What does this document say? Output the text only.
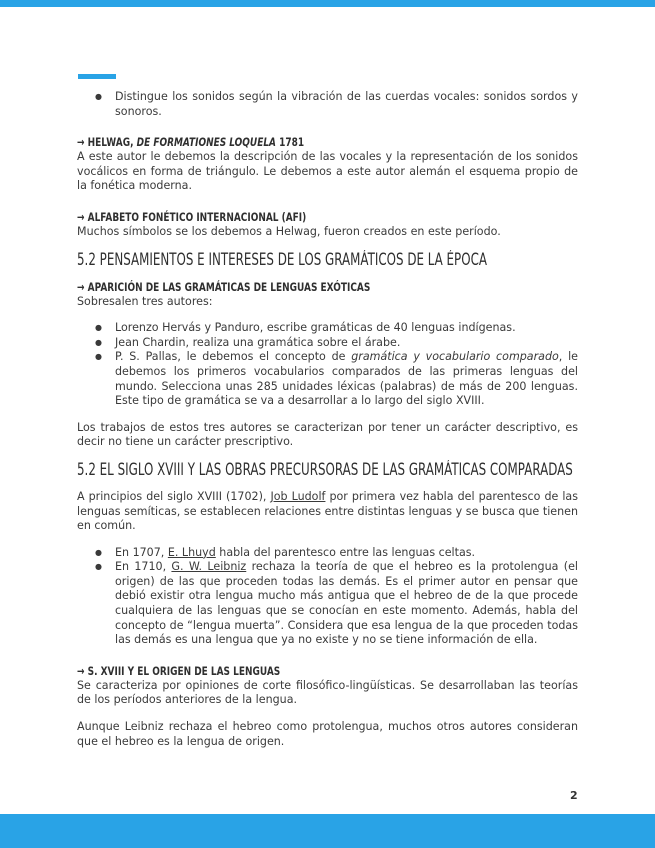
● Distingue los sonidos según la vibración de las cuerdas vocales: sonidos sordos y sonoros.
→ HELWAG, DE FORMATIONES LOQUELA 1781

A este autor le debemos la descripción de las vocales y la representación de los sonidos vocálicos en forma de triángulo. Le debemos a este autor alemán el esquema propio de la fonética moderna.

→ ALFABETO FONÉTICO INTERNACIONAL (AFI)

Muchos símbolos se los debemos a Helwag, fueron creados en este período.

5.2 PENSAMIENTOS E INTERESES DE LOS GRAMÁTICOS DE LA ÉPOCA
→ APARICIÓN DE LAS GRAMÁTICAS DE LENGUAS EXÓTICAS

Sobresalen tres autores:

● Lorenzo Hervás y Panduro, escribe gramáticas de 40 lenguas indígenas.
● Jean Chardin, realiza una gramática sobre el árabe.
● P. S. Pallas, le debemos el concepto de gramática y vocabulario comparado, le debemos los primeros vocabularios comparados de las primeras lenguas del mundo. Selecciona unas 285 unidades léxicas (palabras) de más de 200 lenguas. Este tipo de gramática se va a desarrollar a lo largo del siglo XVIII.

Los trabajos de estos tres autores se caracterizan por tener un carácter descriptivo, es decir no tiene un carácter prescriptivo.

5.2 EL SIGLO XVIII Y LAS OBRAS PRECURSORAS DE LAS GRAMÁTICAS COMPARADAS

A principios del siglo XVIII (1702), Job Ludolf por primera vez habla del parentesco de las lenguas semíticas, se establecen relaciones entre distintas lenguas y se busca que tienen en común.

● En 1707, E. Lhuyd habla del parentesco entre las lenguas celtas.
● En 1710, G. W. Leibniz rechaza la teoría de que el hebreo es la protolengua (el origen) de las que proceden todas las demás. Es el primer autor en pensar que debió existir otra lengua mucho más antigua que el hebreo de de la que procede cualquiera de las lenguas que se conocían en este momento. Además, habla del concepto de “lengua muerta”. Considera que esa lengua de la que proceden todas las demás es una lengua que ya no existe y no se tiene información de ella.
→ S. XVIII Y EL ORIGEN DE LAS LENGUAS

Se caracteriza por opiniones de corte filosófico-lingüísticas. Se desarrollaban las teorías de los períodos anteriores de la lengua.

Aunque Leibniz rechaza el hebreo como protolengua, muchos otros autores consideran que el hebreo es la lengua de origen.

2
